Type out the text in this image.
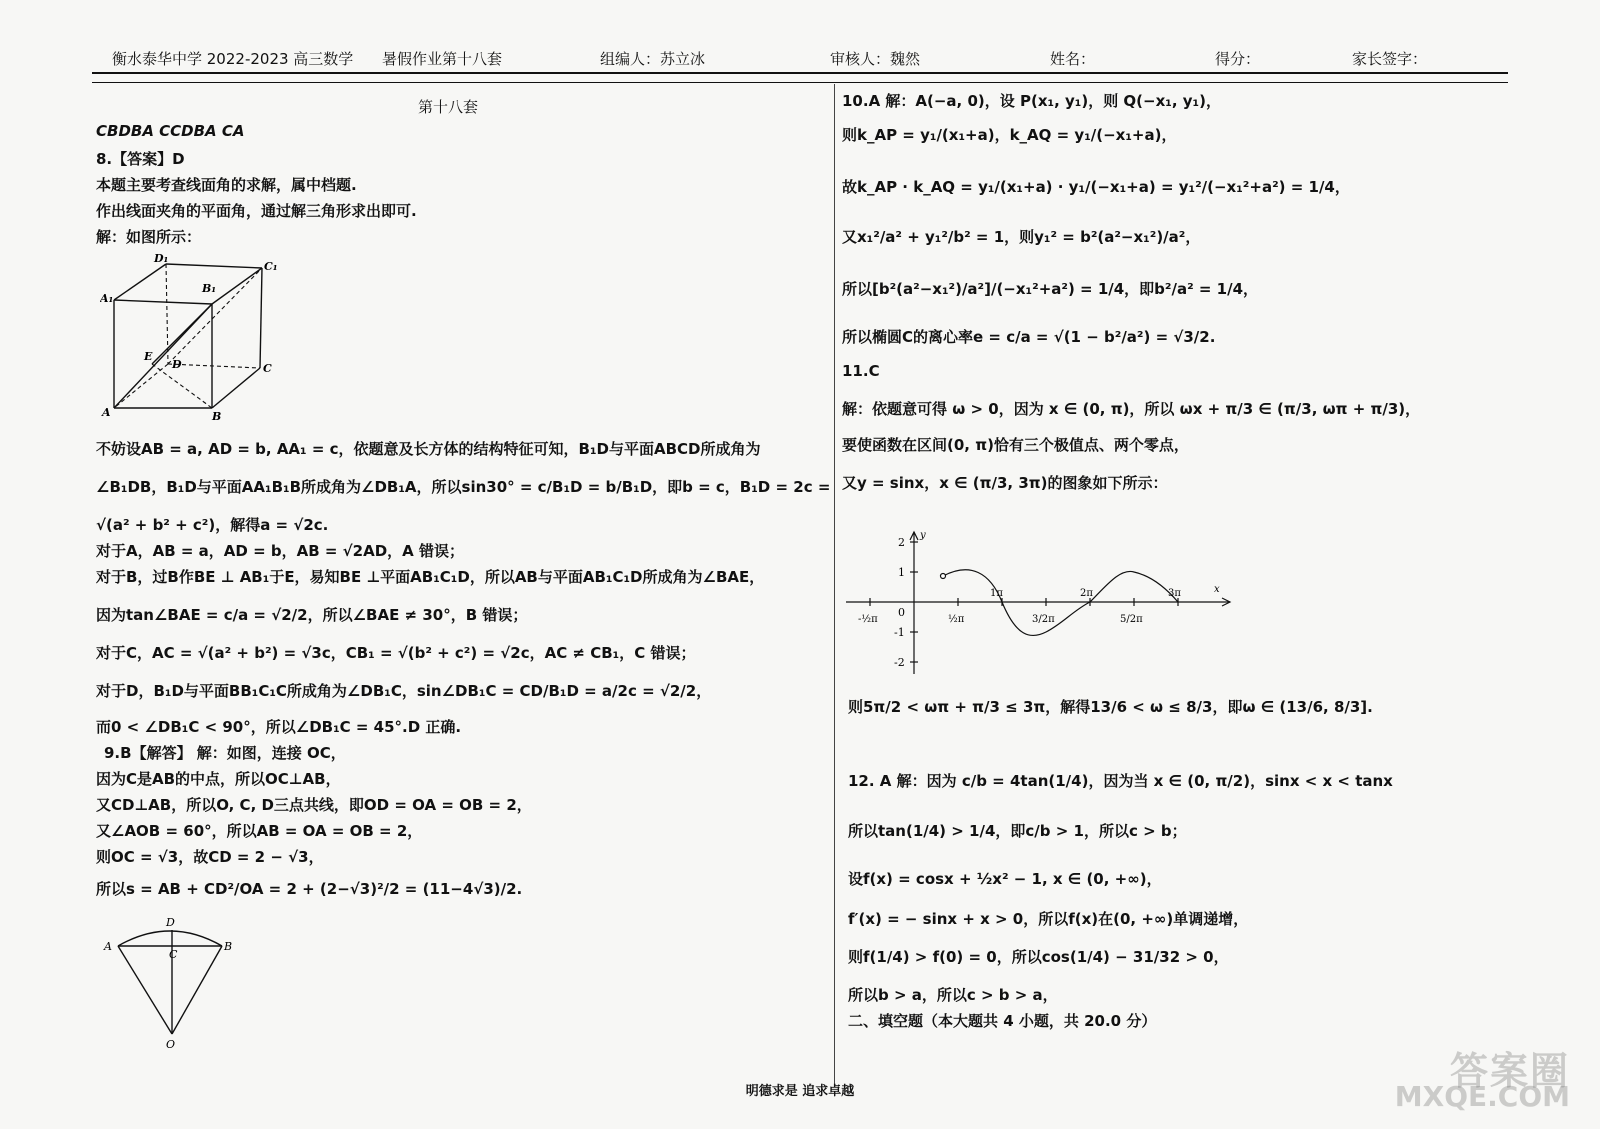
衡水泰华中学 2022-2023 高三数学 暑假作业第十八套	组编人：苏立冰	审核人：魏然	姓名：	得分：	家长签字：
第十八套
CBDBA CCDBA CA
8.【答案】D
本题主要考查线面角的求解，属中档题.
作出线面夹角的平面角，通过解三角形求出即可.
解：如图所示：
D₁
C₁
A₁
B₁
E
D	C
A	B
不妨设AB = a, AD = b, AA₁ = c，依题意及长方体的结构特征可知，B₁D与平面ABCD所成角为
∠B₁DB，B₁D与平面AA₁B₁B所成角为∠DB₁A，所以sin30° = c/B₁D = b/B₁D，即b = c，B₁D = 2c =
√(a² + b² + c²)，解得a = √2c.
对于A，AB = a，AD = b，AB = √2AD，A 错误；
对于B，过B作BE ⊥ AB₁于E，易知BE ⊥平面AB₁C₁D，所以AB与平面AB₁C₁D所成角为∠BAE，
因为tan∠BAE = c/a = √2/2，所以∠BAE ≠ 30°，B 错误；
对于C，AC = √(a² + b²) = √3c，CB₁ = √(b² + c²) = √2c，AC ≠ CB₁，C 错误；
对于D，B₁D与平面BB₁C₁C所成角为∠DB₁C，sin∠DB₁C = CD/B₁D = a/2c = √2/2，
而0 < ∠DB₁C < 90°，所以∠DB₁C = 45°.D 正确.
9.B【解答】 解：如图，连接 OC，
因为C是AB的中点，所以OC⊥AB，
又CD⊥AB，所以O, C, D三点共线，即OD = OA = OB = 2，
又∠AOB = 60°，所以AB = OA = OB = 2，
则OC = √3，故CD = 2 − √3，
所以s = AB + CD²/OA = 2 + (2−√3)²/2 = (11−4√3)/2.
D
A
C
B
O
10.A 解：A(−a, 0)，设 P(x₁, y₁)，则 Q(−x₁, y₁)，
则k_AP = y₁/(x₁+a)，k_AQ = y₁/(−x₁+a)，
故k_AP · k_AQ = y₁/(x₁+a) · y₁/(−x₁+a) = y₁²/(−x₁²+a²) = 1/4，
又x₁²/a² + y₁²/b² = 1，则y₁² = b²(a²−x₁²)/a²，
所以[b²(a²−x₁²)/a²]/(−x₁²+a²) = 1/4，即b²/a² = 1/4，
所以椭圆C的离心率e = c/a = √(1 − b²/a²) = √3/2.
11.C
解：依题意可得 ω > 0，因为 x ∈ (0, π)，所以 ωx + π/3 ∈ (π/3, ωπ + π/3)，
要使函数在区间(0, π)恰有三个极值点、两个零点，
又y = sinx，x ∈ (π/3, 3π)的图象如下所示：
y
x
2
1
-1
-2
0
-½π	½π
1π
3/2π
2π
5/2π
3π
则5π/2 < ωπ + π/3 ≤ 3π，解得13/6 < ω ≤ 8/3，即ω ∈ (13/6, 8/3].
12. A 解：因为 c/b = 4tan(1/4)，因为当 x ∈ (0, π/2)，sinx < x < tanx
所以tan(1/4) > 1/4，即c/b > 1，所以c > b；
设f(x) = cosx + ½x² − 1, x ∈ (0, +∞)，
f′(x) = − sinx + x > 0，所以f(x)在(0, +∞)单调递增，
则f(1/4) > f(0) = 0，所以cos(1/4) − 31/32 > 0，
所以b > a，所以c > b > a，
二、填空题（本大题共 4 小题，共 20.0 分）
明德求是 追求卓越	答案圈
MXQE.COM
